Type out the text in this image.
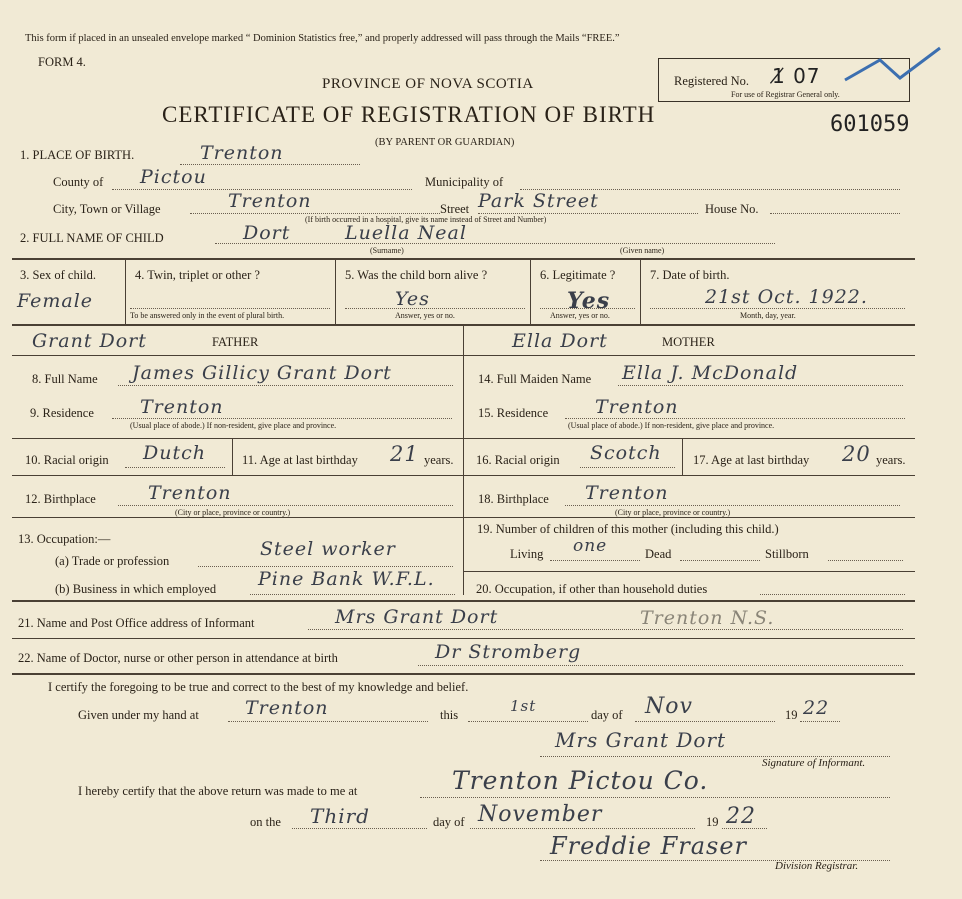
This form if placed in an unsealed envelope marked “ Dominion Statistics free,” and properly addressed will pass through the Mails “FREE.”
FORM 4.
PROVINCE OF NOVA SCOTIA
CERTIFICATE OF REGISTRATION OF BIRTH
(BY PARENT OR GUARDIAN)
Registered No. 1̸ 07
For use of Registrar General only.
601059
1. PLACE OF BIRTH.	Trenton
County of Pictou	Municipality of
City, Town or Village	Trenton	Street Park Street	House No.
(If birth occurred in a hospital, give its name instead of Street and Number)
2. FULL NAME OF CHILD	Dort	Luella Neal
(Surname)	(Given name)
3. Sex of child.
Female
4. Twin, triplet or other ?
To be answered only in the event of plural birth.
5. Was the child born alive ?
Yes
Answer, yes or no.
6. Legitimate ?
Yes
Answer, yes or no.
7. Date of birth.
21st Oct. 1922.
Month, day, year.
Grant Dort	FATHER	Ella Dort	MOTHER
8. Full Name James Gillicy Grant Dort	14. Full Maiden Name Ella J. McDonald
9. Residence Trenton
(Usual place of abode.) If non-resident, give place and province.
15. Residence Trenton
(Usual place of abode.) If non-resident, give place and province.
10. Racial origin Dutch	11. Age at last birthday 21 years. 16. Racial origin Scotch	17. Age at last birthday 20 years.
12. Birthplace	Trenton
(City or place, province or country.)
18. Birthplace Trenton
(City or place, province or country.)
13. Occupation:—
(a) Trade or profession
Steel worker
19. Number of children of this mother (including this child.)
Living one	Dead	Stillborn
(b) Business in which employed Pine Bank W.F.L.	20. Occupation, if other than household duties
21. Name and Post Office address of Informant	Mrs Grant Dort	Trenton N.S.
22. Name of Doctor, nurse or other person in attendance at birth	Dr Stromberg
I certify the foregoing to be true and correct to the best of my knowledge and belief.
Given under my hand at Trenton	this	1st	day of Nov	19 22
Mrs Grant Dort
Signature of Informant.
I hereby certify that the above return was made to me at	Trenton Pictou Co.
on the Third	day of November	19 22
Freddie Fraser
Division Registrar.
